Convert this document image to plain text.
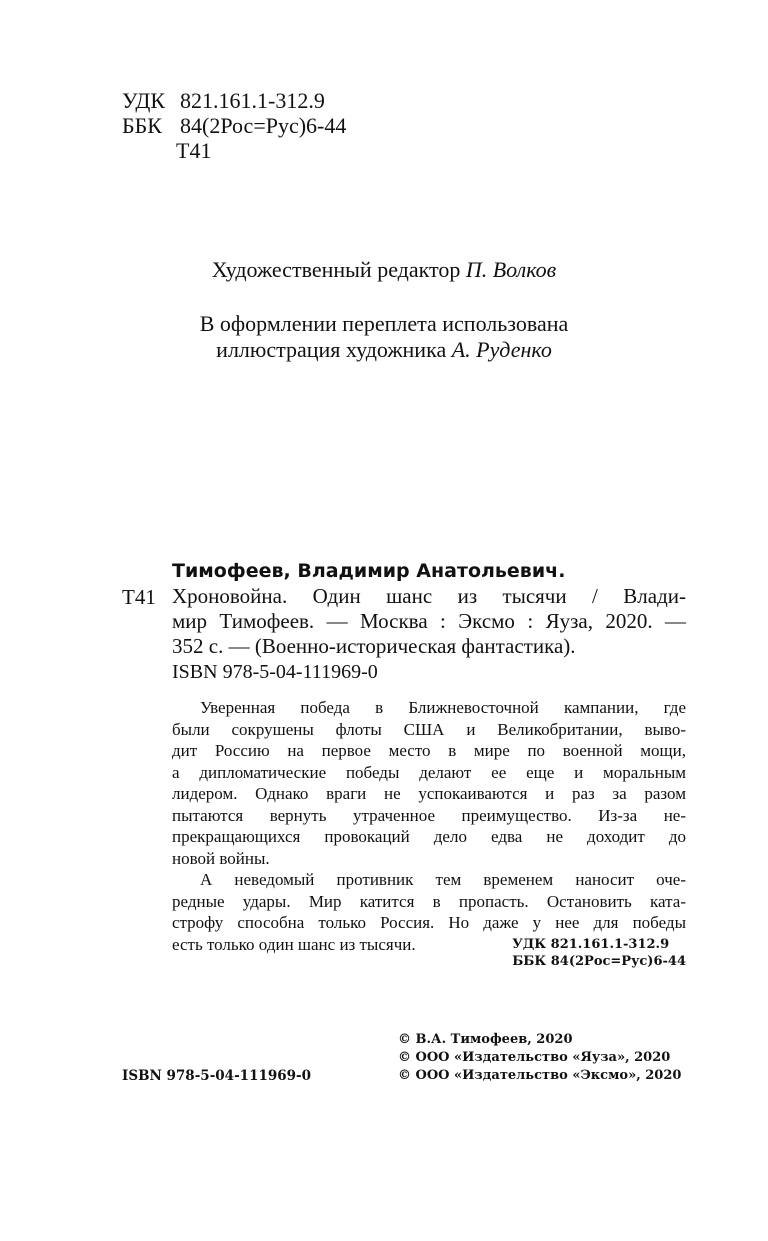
УДК 821.161.1-312.9
ББК 84(2Рос=Рус)6-44
Т41
Художественный редактор П. Волков
В оформлении переплета использована
иллюстрация художника А. Руденко
Тимофеев, Владимир Анатольевич.
Т41 Хроновойна. Один шанс из тысячи / Влади-
мир Тимофеев. — Москва : Эксмо : Яуза, 2020. —
352 с. — (Военно-историческая фантастика).
ISBN 978-5-04-111969-0
Уверенная победа в Ближневосточной кампании, где
были сокрушены флоты США и Великобритании, выво-
дит Россию на первое место в мире по военной мощи,
а дипломатические победы делают ее еще и моральным
лидером. Однако враги не успокаиваются и раз за разом
пытаются вернуть утраченное преимущество. Из-за не-
прекращающихся провокаций дело едва не доходит до
новой войны.
А неведомый противник тем временем наносит оче-
редные удары. Мир катится в пропасть. Остановить ката-
строфу способна только Россия. Но даже у нее для победы
есть только один шанс из тысячи.	УДК 821.161.1-312.9
ББК 84(2Рос=Рус)6-44
© В.А. Тимофеев, 2020
© ООО «Издательство «Яуза», 2020
© ООО «Издательство «Эксмо», 2020
ISBN 978-5-04-111969-0
